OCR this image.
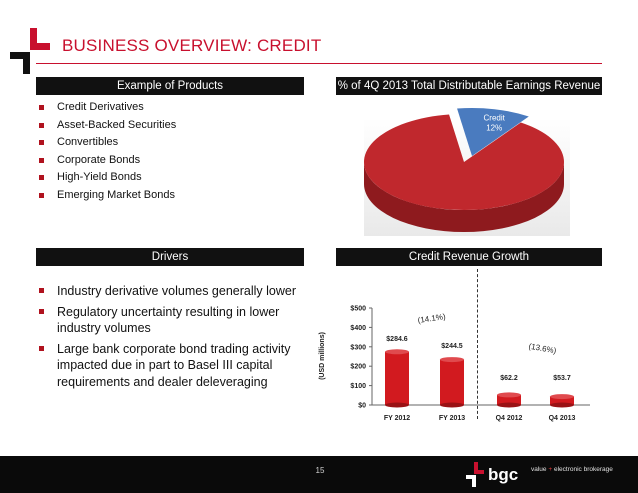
BUSINESS OVERVIEW: CREDIT
Example of Products
Credit Derivatives
Asset-Backed Securities
Convertibles
Corporate Bonds
High-Yield Bonds
Emerging Market Bonds
% of 4Q 2013 Total Distributable Earnings Revenue
Credit
12%
Drivers
Industry derivative volumes generally lower
Regulatory uncertainty resulting in lower industry volumes
Large bank corporate bond trading activity impacted due in part to Basel III capital requirements and dealer deleveraging
Credit Revenue Growth
(USD millions)
$0
$100
$200
$300
$400
$500
$284.6
FY 2012
$244.5
FY 2013
$62.2
Q4 2012
$53.7
Q4 2013
(14.1%)
(13.6%)
15	bgc value + electronic brokerage
